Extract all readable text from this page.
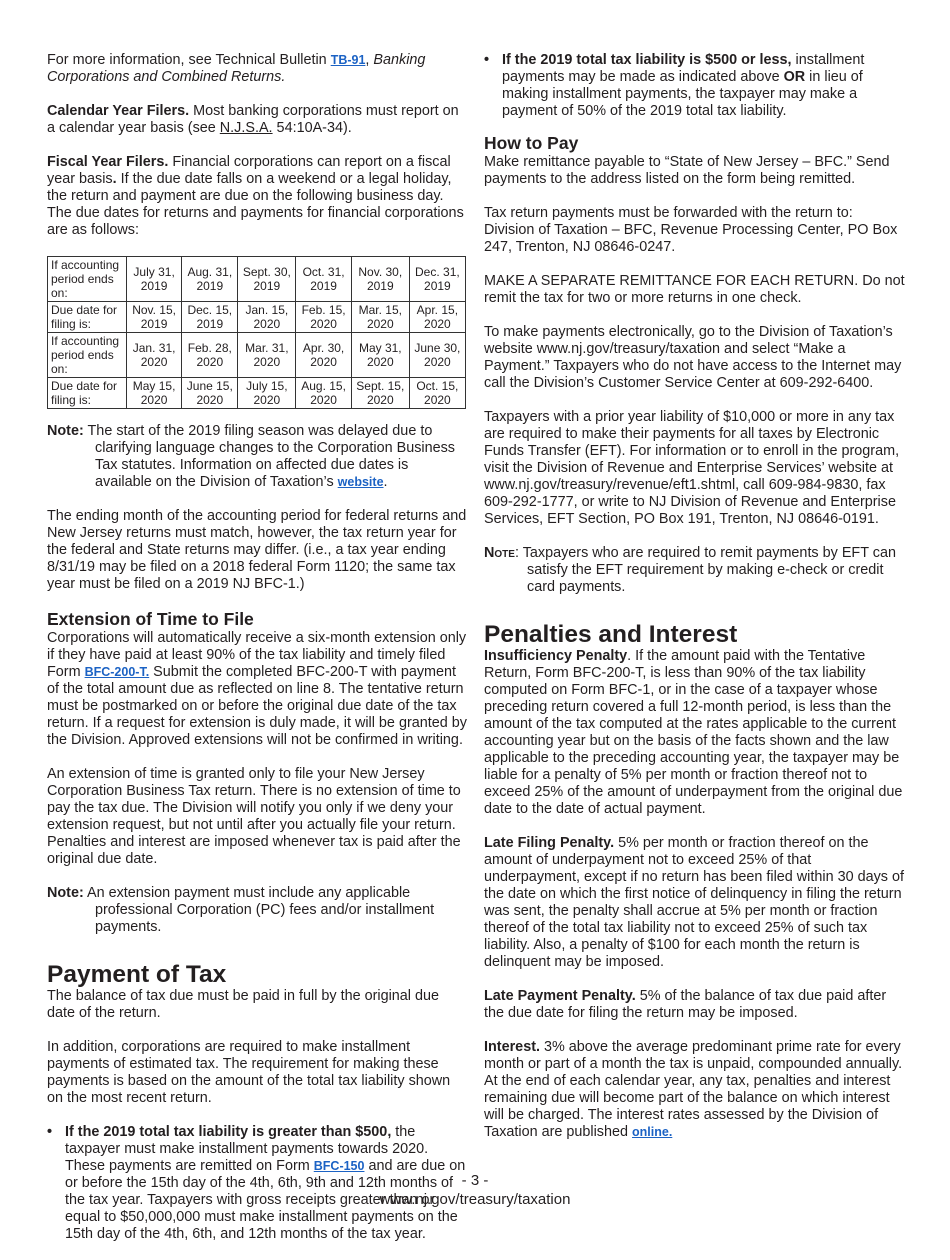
For more information, see Technical Bulletin TB-91, Banking Corporations and Combined Returns.

Calendar Year Filers. Most banking corporations must report on a calendar year basis (see N.J.S.A. 54:10A-34).

Fiscal Year Filers. Financial corporations can report on a fiscal year basis. If the due date falls on a weekend or a legal holiday, the return and payment are due on the following business day. The due dates for returns and payments for financial corporations are as follows:

If accounting period ends on:	July 31, 2019	Aug. 31, 2019	Sept. 30, 2019	Oct. 31, 2019	Nov. 30, 2019	Dec. 31, 2019
Due date for filing is:	Nov. 15, 2019	Dec. 15, 2019	Jan. 15, 2020	Feb. 15, 2020	Mar. 15, 2020	Apr. 15, 2020
If accounting period ends on:	Jan. 31, 2020	Feb. 28, 2020	Mar. 31, 2020	Apr. 30, 2020	May 31, 2020	June 30, 2020
Due date for filing is:	May 15, 2020	June 15, 2020	July 15, 2020	Aug. 15, 2020	Sept. 15, 2020	Oct. 15, 2020

Note: The start of the 2019 filing season was delayed due to clarifying language changes to the Corporation Business Tax statutes. Information on affected due dates is available on the Division of Taxation’s website.

The ending month of the accounting period for federal returns and New Jersey returns must match, however, the tax return year for the federal and State returns may differ. (i.e., a tax year ending 8/31/19 may be filed on a 2018 federal Form 1120; the same tax year must be filed on a 2019 NJ BFC-1.)

Extension of Time to File

Corporations will automatically receive a six-month extension only if they have paid at least 90% of the tax liability and timely filed Form BFC-200-T. Submit the completed BFC-200-T with payment of the total amount due as reflected on line 8. The tentative return must be postmarked on or before the original due date of the tax return. If a request for extension is duly made, it will be granted by the Division. Approved extensions will not be confirmed in writing.

An extension of time is granted only to file your New Jersey Corporation Business Tax return. There is no extension of time to pay the tax due. The Division will notify you only if we deny your extension request, but not until after you actually file your return. Penalties and interest are imposed whenever tax is paid after the original due date.

Note: An extension payment must include any applicable professional Corporation (PC) fees and/or installment payments.

Payment of Tax

The balance of tax due must be paid in full by the original due date of the return.

In addition, corporations are required to make installment payments of estimated tax. The requirement for making these payments is based on the amount of the total tax liability shown on the most recent return.

• If the 2019 total tax liability is greater than $500, the taxpayer must make installment payments towards 2020. These payments are remitted on Form BFC-150 and are due on or before the 15th day of the 4th, 6th, 9th and 12th months of the tax year. Taxpayers with gross receipts greater than or equal to $50,000,000 must make installment payments on the 15th day of the 4th, 6th, and 12th months of the tax year.

• If the 2019 total tax liability is $500 or less, installment payments may be made as indicated above OR in lieu of making installment payments, the taxpayer may make a payment of 50% of the 2019 total tax liability.

How to Pay

Make remittance payable to “State of New Jersey – BFC.” Send payments to the address listed on the form being remitted.

Tax return payments must be forwarded with the return to: Division of Taxation – BFC, Revenue Processing Center, PO Box 247, Trenton, NJ 08646-0247.

MAKE A SEPARATE REMITTANCE FOR EACH RETURN. Do not remit the tax for two or more returns in one check.

To make payments electronically, go to the Division of Taxation’s website www.nj.gov/treasury/taxation and select “Make a Payment.” Taxpayers who do not have access to the Internet may call the Division’s Customer Service Center at 609-292-6400.

Taxpayers with a prior year liability of $10,000 or more in any tax are required to make their payments for all taxes by Electronic Funds Transfer (EFT). For information or to enroll in the program, visit the Division of Revenue and Enterprise Services’ website at www.nj.gov/treasury/revenue/eft1.shtml, call 609-984-9830, fax 609-292-1777, or write to NJ Division of Revenue and Enterprise Services, EFT Section, PO Box 191, Trenton, NJ 08646-0191.

Note: Taxpayers who are required to remit payments by EFT can satisfy the EFT requirement by making e-check or credit card payments.

Penalties and Interest

Insufficiency Penalty. If the amount paid with the Tentative Return, Form BFC-200-T, is less than 90% of the tax liability computed on Form BFC-1, or in the case of a taxpayer whose preceding return covered a full 12-month period, is less than the amount of the tax computed at the rates applicable to the current accounting year but on the basis of the facts shown and the law applicable to the preceding accounting year, the taxpayer may be liable for a penalty of 5% per month or fraction thereof not to exceed 25% of the amount of underpayment from the original due date to the date of actual payment.

Late Filing Penalty. 5% per month or fraction thereof on the amount of underpayment not to exceed 25% of that underpayment, except if no return has been filed within 30 days of the date on which the first notice of delinquency in filing the return was sent, the penalty shall accrue at 5% per month or fraction thereof of the total tax liability not to exceed 25% of such tax liability. Also, a penalty of $100 for each month the return is delinquent may be imposed.

Late Payment Penalty. 5% of the balance of tax due paid after the due date for filing the return may be imposed.

Interest. 3% above the average predominant prime rate for every month or part of a month the tax is unpaid, compounded annually. At the end of each calendar year, any tax, penalties and interest remaining due will become part of the balance on which interest will be charged. The interest rates assessed by the Division of Taxation are published online.

- 3 -
www.nj.gov/treasury/taxation
